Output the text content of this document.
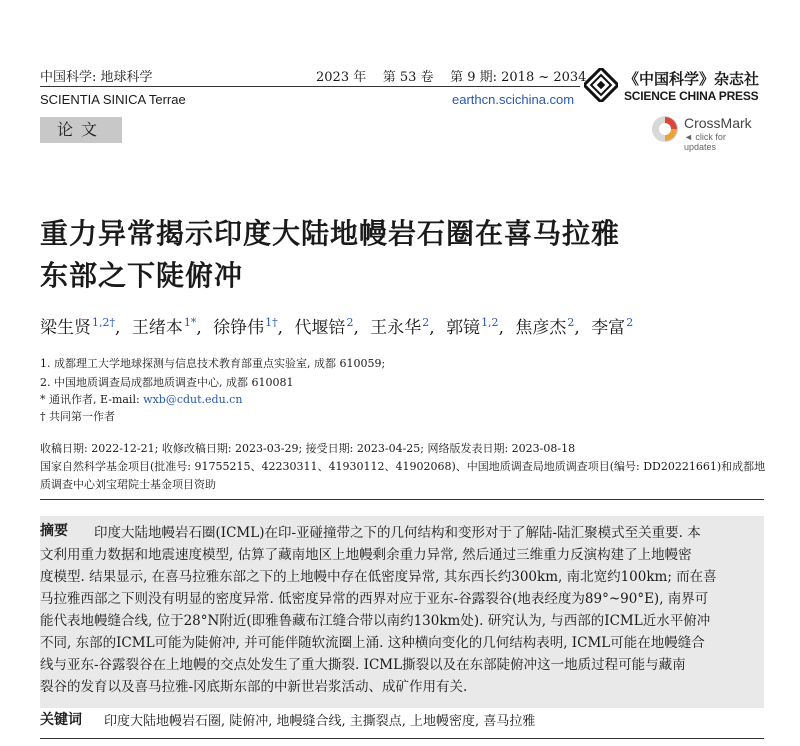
中国科学: 地球科学	2023 年    第 53 卷    第 9 期: 2018 ~ 2034
SCIENTIA SINICA Terrae	earthcn.scichina.com
《中国科学》杂志社
SCIENCE CHINA PRESS
论文	CrossMark
◄ click for updates
重力异常揭示印度大陆地幔岩石圈在喜马拉雅
东部之下陡俯冲
梁生贤$^{1,2\dagger}$, 王绪本$^{1*}$, 徐铮伟$^{1\dagger}$, 代堰锫$^2$, 王永华$^2$, 郭镜$^{1,2}$, 焦彦杰$^2$, 李富$^2$
1. 成都理工大学地球探测与信息技术教育部重点实验室, 成都 610059;
2. 中国地质调查局成都地质调查中心, 成都 610081
* 通讯作者, E-mail: wxb@cdut.edu.cn
† 共同第一作者
收稿日期: 2022-12-21; 收修改稿日期: 2023-03-29; 接受日期: 2023-04-25; 网络版发表日期: 2023-08-18
国家自然科学基金项目(批准号: 91755215、42230311、41930112、41902068)、中国地质调查局地质调查项目(编号: DD20221661)和成都地
质调查中心刘宝珺院士基金项目资助
摘要 印度大陆地幔岩石圈(ICML)在印-亚碰撞带之下的几何结构和变形对于了解陆-陆汇聚模式至关重要. 本
文利用重力数据和地震速度模型, 估算了藏南地区上地幔剩余重力异常, 然后通过三维重力反演构建了上地幔密
度模型. 结果显示, 在喜马拉雅东部之下的上地幔中存在低密度异常, 其东西长约300km, 南北宽约100km; 而在喜
马拉雅西部之下则没有明显的密度异常. 低密度异常的西界对应于亚东-谷露裂谷(地表经度为89°~90°E), 南界可
能代表地幔缝合线, 位于28°N附近(即雅鲁藏布江缝合带以南约130km处). 研究认为, 与西部的ICML近水平俯冲
不同, 东部的ICML可能为陡俯冲, 并可能伴随软流圈上涌. 这种横向变化的几何结构表明, ICML可能在地幔缝合
线与亚东-谷露裂谷在上地幔的交点处发生了重大撕裂. ICML撕裂以及在东部陡俯冲这一地质过程可能与藏南
裂谷的发育以及喜马拉雅-冈底斯东部的中新世岩浆活动、成矿作用有关.
关键词 印度大陆地幔岩石圈, 陡俯冲, 地幔缝合线, 主撕裂点, 上地幔密度, 喜马拉雅
